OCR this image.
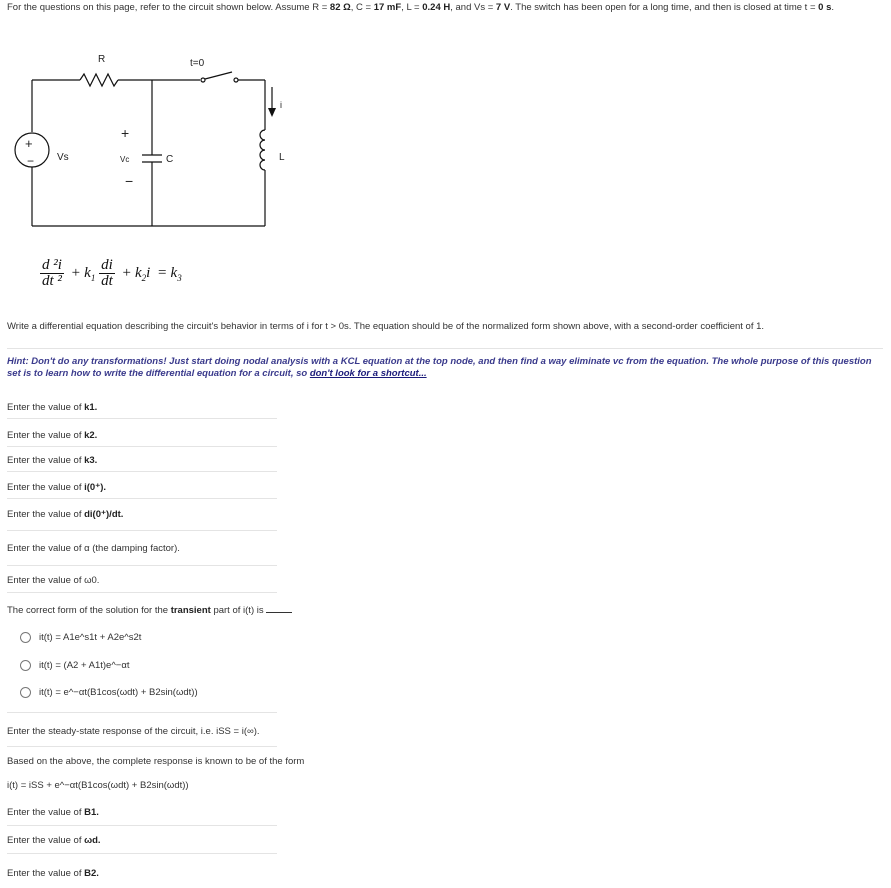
For the questions on this page, refer to the circuit shown below. Assume R = 82 Ω, C = 17 mF, L = 0.24 H, and Vs = 7 V. The switch has been open for a long time, and then is closed at time t = 0 s.
R	t=0
+
− Vs
+
Vc
−
C	L
i
$\frac{\text{d ²i}}{\text{dt ²}} + k_1 \frac{di}{dt} + k_2i = k_3$
Write a differential equation describing the circuit's behavior in terms of i for t > 0s. The equation should be of the normalized form shown above, with a second-order coefficient of 1.
Hint: Don't do any transformations! Just start doing nodal analysis with a KCL equation at the top node, and then find a way eliminate vc from the equation. The whole purpose of this question set is to learn how to write the differential equation for a circuit, so don't look for a shortcut...
Enter the value of k1.
Enter the value of k2.
Enter the value of k3.
Enter the value of i(0⁺).
Enter the value of di(0⁺)/dt.
Enter the value of α (the damping factor).
Enter the value of ω0.
The correct form of the solution for the transient part of i(t) is
it(t) = A1e^s1t + A2e^s2t
it(t) = (A2 + A1t)e^−αt
it(t) = e^−αt(B1cos(ωdt) + B2sin(ωdt))
Enter the steady-state response of the circuit, i.e. iSS = i(∞).
Based on the above, the complete response is known to be of the form
i(t) = iSS + e^−αt(B1cos(ωdt) + B2sin(ωdt))
Enter the value of B1.
Enter the value of ωd.
Enter the value of B2.
